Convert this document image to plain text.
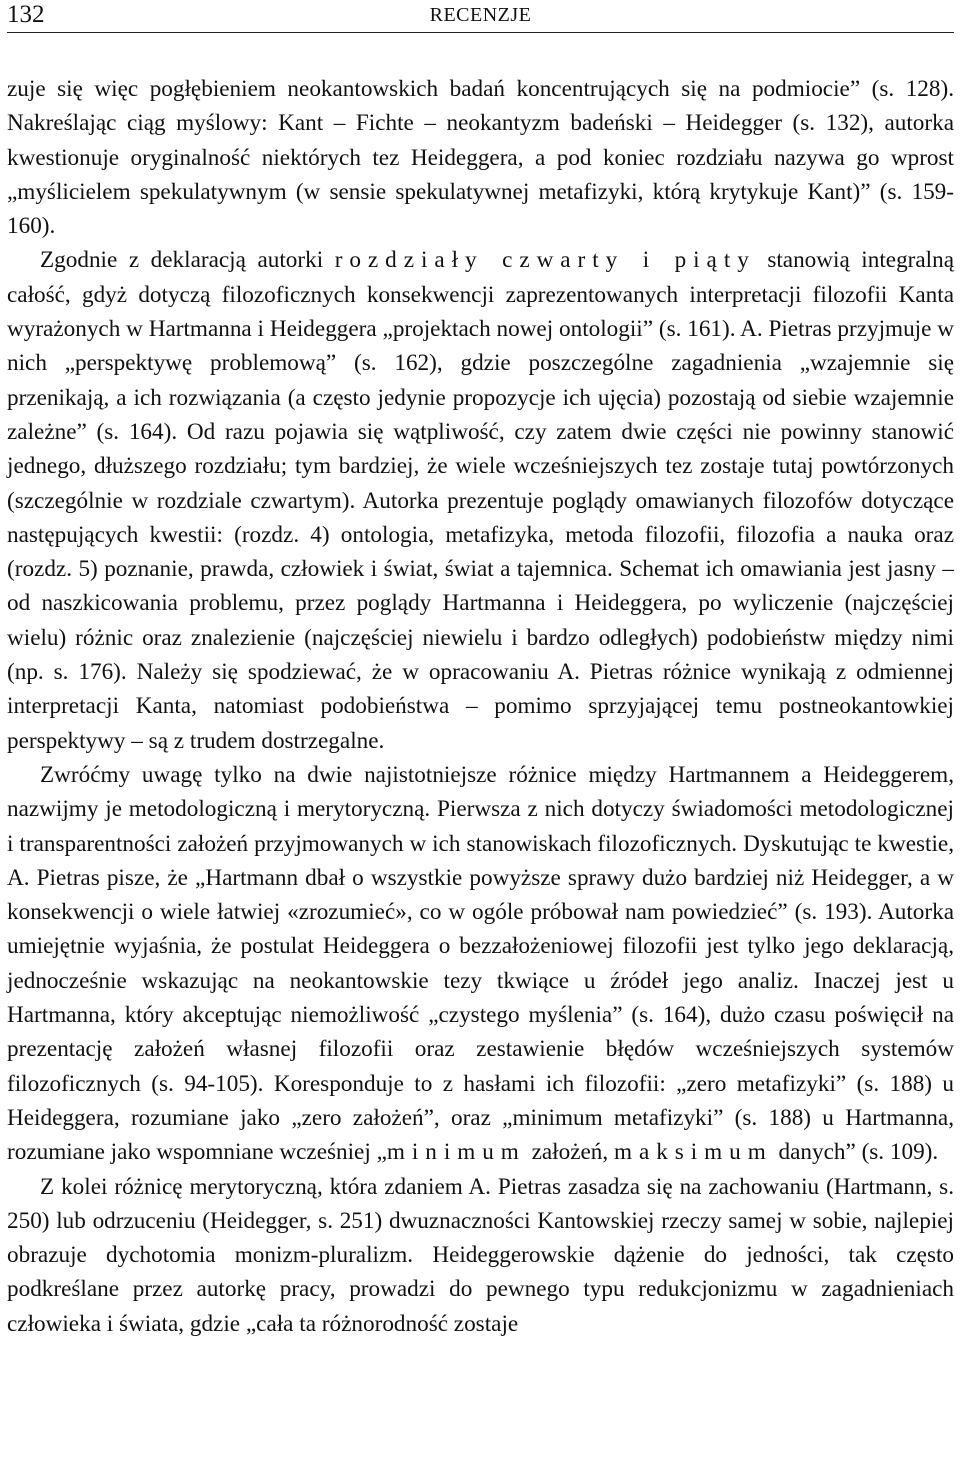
132	RECENZJE

zuje się więc pogłębieniem neokantowskich badań koncentrujących się na podmiocie” (s. 128). Nakreślając ciąg myślowy: Kant – Fichte – neokantyzm badeński – Heidegger (s. 132), autorka kwestionuje oryginalność niektórych tez Heideggera, a pod koniec rozdziału nazywa go wprost „myślicielem spekulatywnym (w sensie spekulatywnej metafizyki, którą krytykuje Kant)” (s. 159-160).

Zgodnie z deklaracją autorki rozdziały czwarty i piąty stanowią integralną całość, gdyż dotyczą filozoficznych konsekwencji zaprezentowanych interpretacji filozofii Kanta wyrażonych w Hartmanna i Heideggera „projektach nowej ontologii” (s. 161). A. Pietras przyjmuje w nich „perspektywę problemową” (s. 162), gdzie poszczególne zagadnienia „wzajemnie się przenikają, a ich rozwiązania (a często jedynie propozycje ich ujęcia) pozostają od siebie wzajemnie zależne” (s. 164). Od razu pojawia się wątpliwość, czy zatem dwie części nie powinny stanowić jednego, dłuższego rozdziału; tym bardziej, że wiele wcześniejszych tez zostaje tutaj powtórzonych (szczególnie w rozdziale czwartym). Autorka prezentuje poglądy omawianych filozofów dotyczące następujących kwestii: (rozdz. 4) ontologia, metafizyka, metoda filozofii, filozofia a nauka oraz (rozdz. 5) poznanie, prawda, człowiek i świat, świat a tajemnica. Schemat ich omawiania jest jasny – od naszkicowania problemu, przez poglądy Hartmanna i Heideggera, po wyliczenie (najczęściej wielu) różnic oraz znalezienie (najczęściej niewielu i bardzo odległych) podobieństw między nimi (np. s. 176). Należy się spodziewać, że w opracowaniu A. Pietras różnice wynikają z odmiennej interpretacji Kanta, natomiast podobieństwa – pomimo sprzyjającej temu postneokantowkiej perspektywy – są z trudem dostrzegalne.

Zwróćmy uwagę tylko na dwie najistotniejsze różnice między Hartmannem a Heideggerem, nazwijmy je metodologiczną i merytoryczną. Pierwsza z nich dotyczy świadomości metodologicznej i transparentności założeń przyjmowanych w ich stanowiskach filozoficznych. Dyskutując te kwestie, A. Pietras pisze, że „Hartmann dbał o wszystkie powyższe sprawy dużo bardziej niż Heidegger, a w konsekwencji o wiele łatwiej «zrozumieć», co w ogóle próbował nam powiedzieć” (s. 193). Autorka umiejętnie wyjaśnia, że postulat Heideggera o bezzałożeniowej filozofii jest tylko jego deklaracją, jednocześnie wskazując na neokantowskie tezy tkwiące u źródeł jego analiz. Inaczej jest u Hartmanna, który akceptując niemożliwość „czystego myślenia” (s. 164), dużo czasu poświęcił na prezentację założeń własnej filozofii oraz zestawienie błędów wcześniejszych systemów filozoficznych (s. 94-105). Koresponduje to z hasłami ich filozofii: „zero metafizyki” (s. 188) u Heideggera, rozumiane jako „zero założeń”, oraz „minimum metafizyki” (s. 188) u Hartmanna, rozumiane jako wspomniane wcześniej „minimum założeń, maksimum danych” (s. 109).

Z kolei różnicę merytoryczną, która zdaniem A. Pietras zasadza się na zachowaniu (Hartmann, s. 250) lub odrzuceniu (Heidegger, s. 251) dwuznaczności Kantowskiej rzeczy samej w sobie, najlepiej obrazuje dychotomia monizm-pluralizm. Heideggerowskie dążenie do jedności, tak często podkreślane przez autorkę pracy, prowadzi do pewnego typu redukcjonizmu w zagadnieniach człowieka i świata, gdzie „cała ta różnorodność zostaje
